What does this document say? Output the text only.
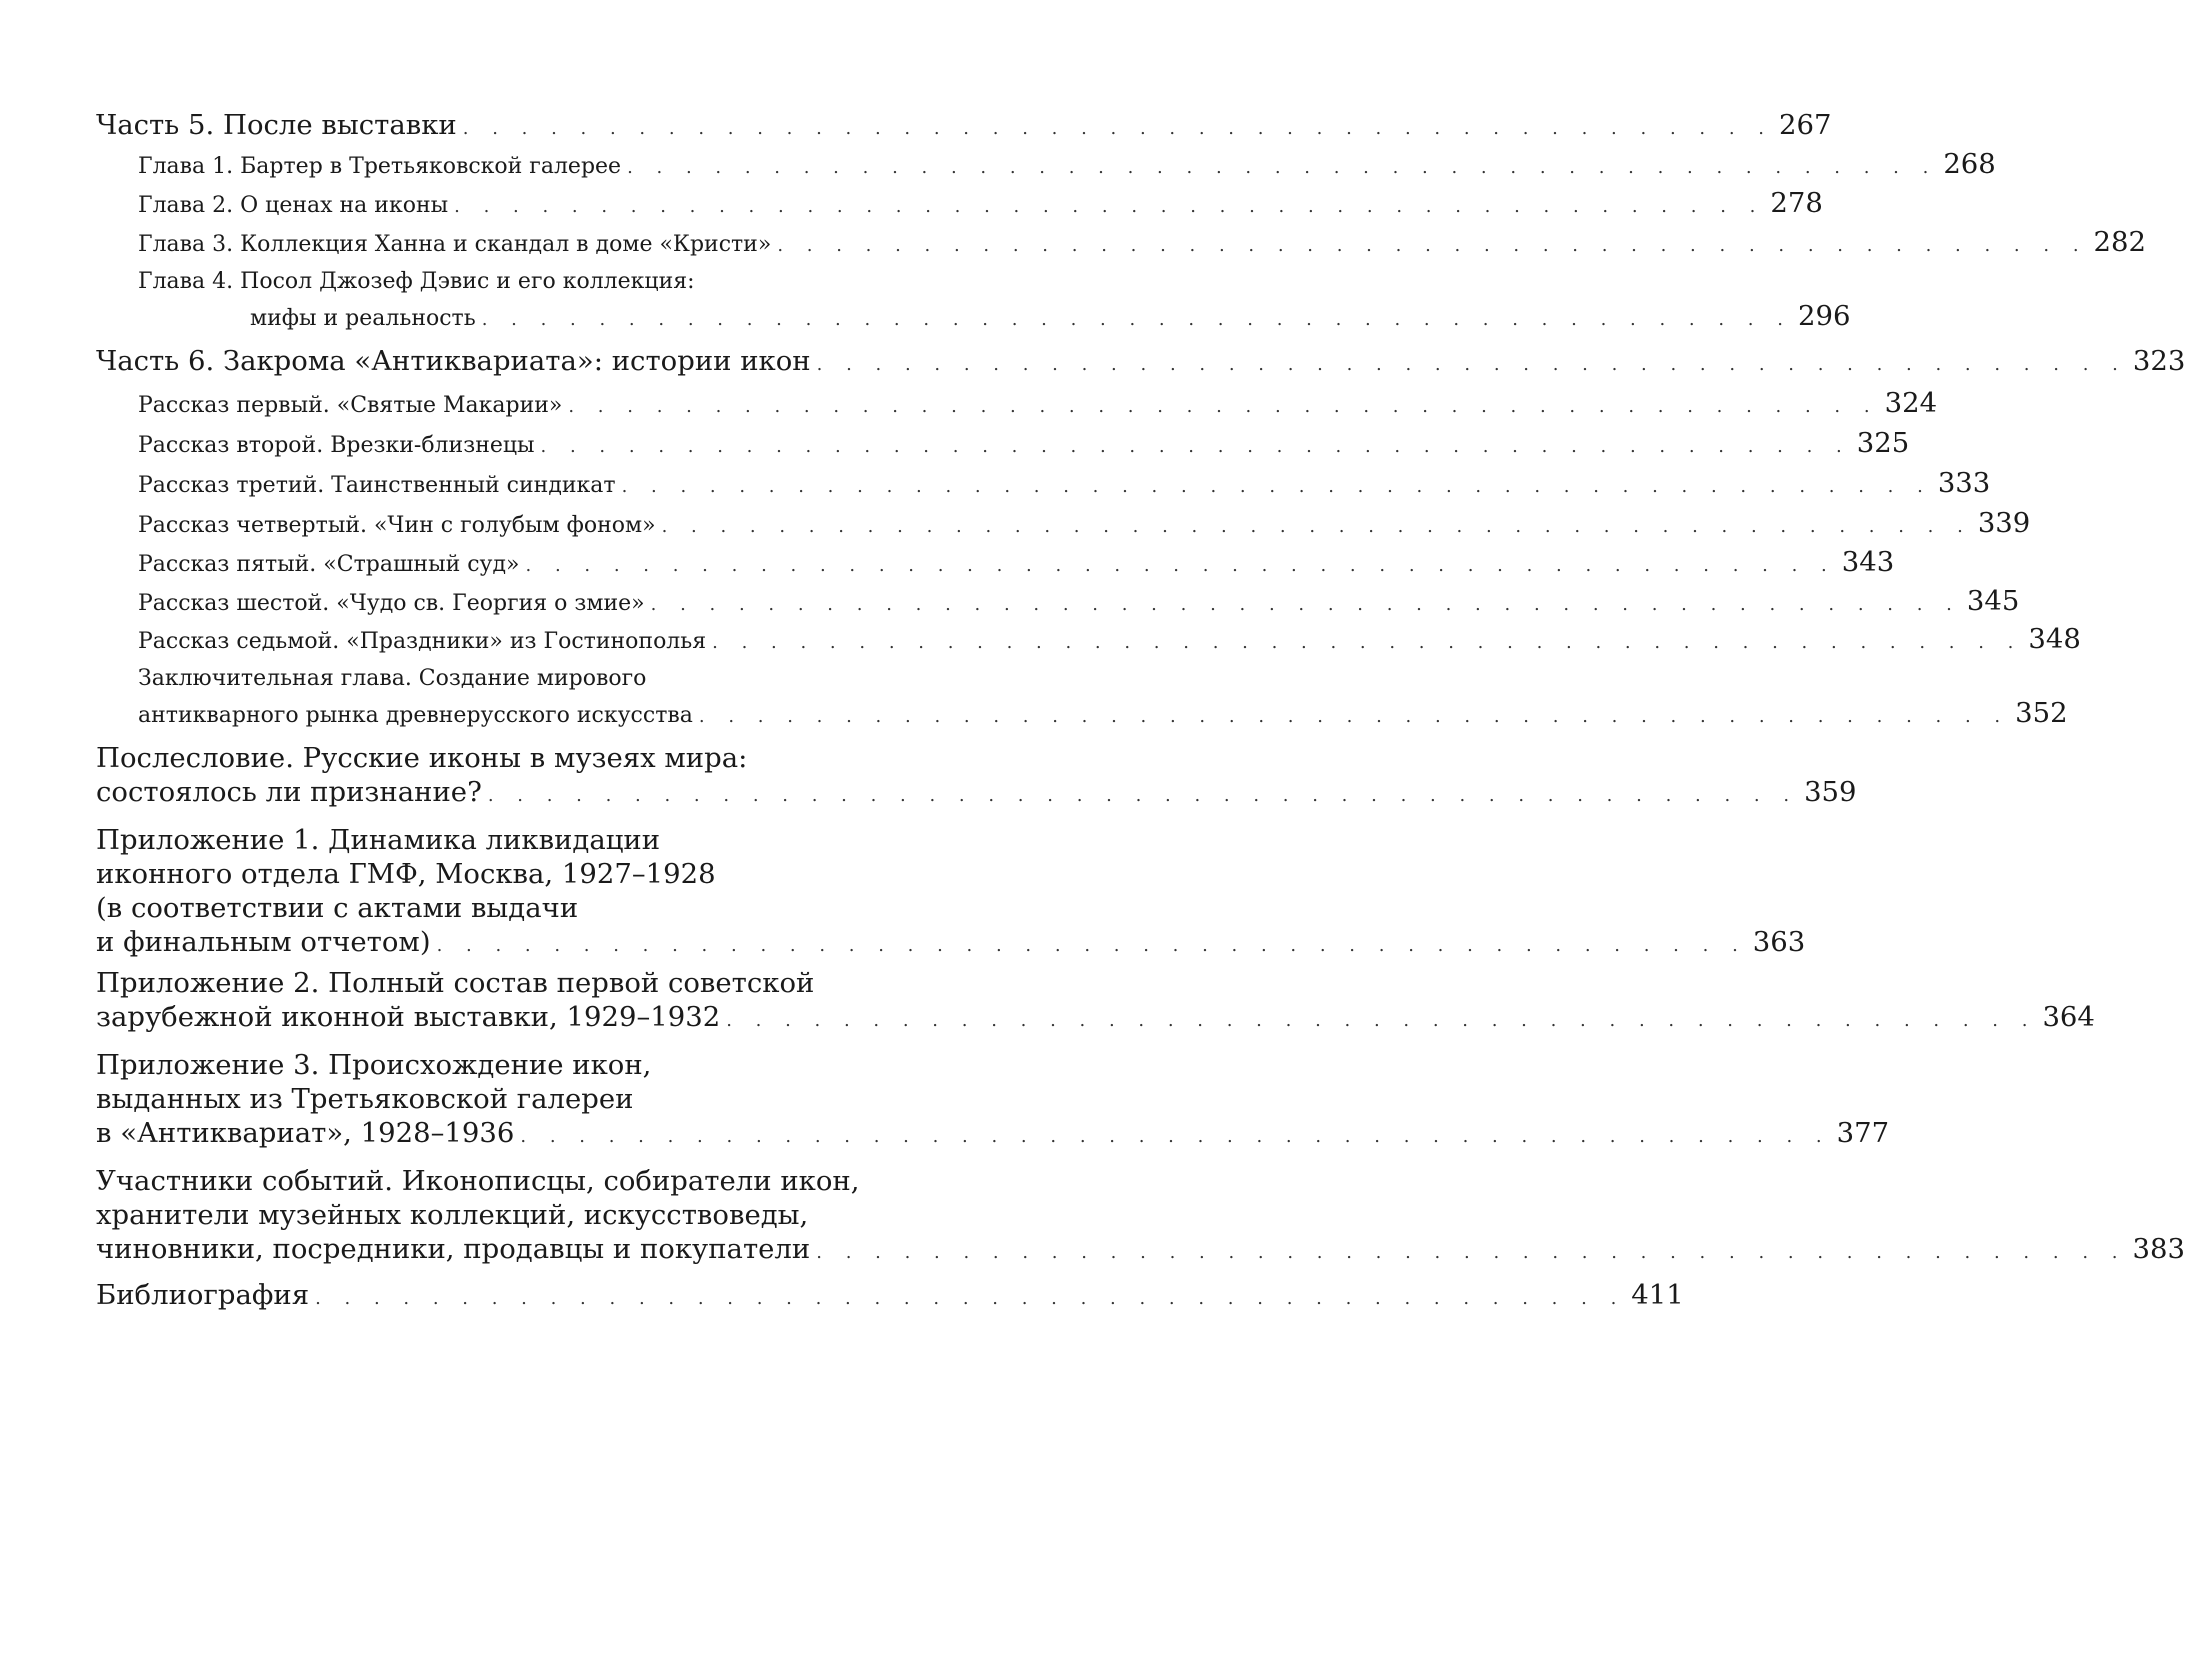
Часть 5. После выставки . . . . . . . . . . . . . . . . . . . . . . . . . . . . . . . . . . . . . . . . . . . . . 267
Глава 1. Бартер в Третьяковской галерее . . . . . . . . . . . . . . . . . . . . . . . . . . . . . . . . . . . . . . . . . . . . . 268
Глава 2. О ценах на иконы . . . . . . . . . . . . . . . . . . . . . . . . . . . . . . . . . . . . . . . . . . . . . 278
Глава 3. Коллекция Ханна и скандал в доме «Кристи» . . . . . . . . . . . . . . . . . . . . . . . . . . . . . . . . . . . . . . . . . . . . . 282
Глава 4. Посол Джозеф Дэвис и его коллекция:
мифы и реальность . . . . . . . . . . . . . . . . . . . . . . . . . . . . . . . . . . . . . . . . . . . . . 296
Часть 6. Закрома «Антиквариата»: истории икон . . . . . . . . . . . . . . . . . . . . . . . . . . . . . . . . . . . . . . . . . . . . . 323
Рассказ первый. «Святые Макарии» . . . . . . . . . . . . . . . . . . . . . . . . . . . . . . . . . . . . . . . . . . . . . 324
Рассказ второй. Врезки-близнецы . . . . . . . . . . . . . . . . . . . . . . . . . . . . . . . . . . . . . . . . . . . . . 325
Рассказ третий. Таинственный синдикат . . . . . . . . . . . . . . . . . . . . . . . . . . . . . . . . . . . . . . . . . . . . . 333
Рассказ четвертый. «Чин с голубым фоном» . . . . . . . . . . . . . . . . . . . . . . . . . . . . . . . . . . . . . . . . . . . . . 339
Рассказ пятый. «Страшный суд» . . . . . . . . . . . . . . . . . . . . . . . . . . . . . . . . . . . . . . . . . . . . . 343
Рассказ шестой. «Чудо св. Георгия о змие» . . . . . . . . . . . . . . . . . . . . . . . . . . . . . . . . . . . . . . . . . . . . . 345
Рассказ седьмой. «Праздники» из Гостинополья . . . . . . . . . . . . . . . . . . . . . . . . . . . . . . . . . . . . . . . . . . . . . 348
Заключительная глава. Создание мирового
антикварного рынка древнерусского искусства . . . . . . . . . . . . . . . . . . . . . . . . . . . . . . . . . . . . . . . . . . . . . 352
Послесловие. Русские иконы в музеях мира:
состоялось ли признание? . . . . . . . . . . . . . . . . . . . . . . . . . . . . . . . . . . . . . . . . . . . . . 359
Приложение 1. Динамика ликвидации
иконного отдела ГМФ, Москва, 1927–1928
(в соответствии с актами выдачи
и финальным отчетом) . . . . . . . . . . . . . . . . . . . . . . . . . . . . . . . . . . . . . . . . . . . . . 363
Приложение 2. Полный состав первой советской
зарубежной иконной выставки, 1929–1932 . . . . . . . . . . . . . . . . . . . . . . . . . . . . . . . . . . . . . . . . . . . . . 364
Приложение 3. Происхождение икон,
выданных из Третьяковской галереи
в «Антиквариат», 1928–1936 . . . . . . . . . . . . . . . . . . . . . . . . . . . . . . . . . . . . . . . . . . . . . 377
Участники событий. Иконописцы, собиратели икон,
хранители музейных коллекций, искусствоведы,
чиновники, посредники, продавцы и покупатели . . . . . . . . . . . . . . . . . . . . . . . . . . . . . . . . . . . . . . . . . . . . . 383
Библиография . . . . . . . . . . . . . . . . . . . . . . . . . . . . . . . . . . . . . . . . . . . . . 411
